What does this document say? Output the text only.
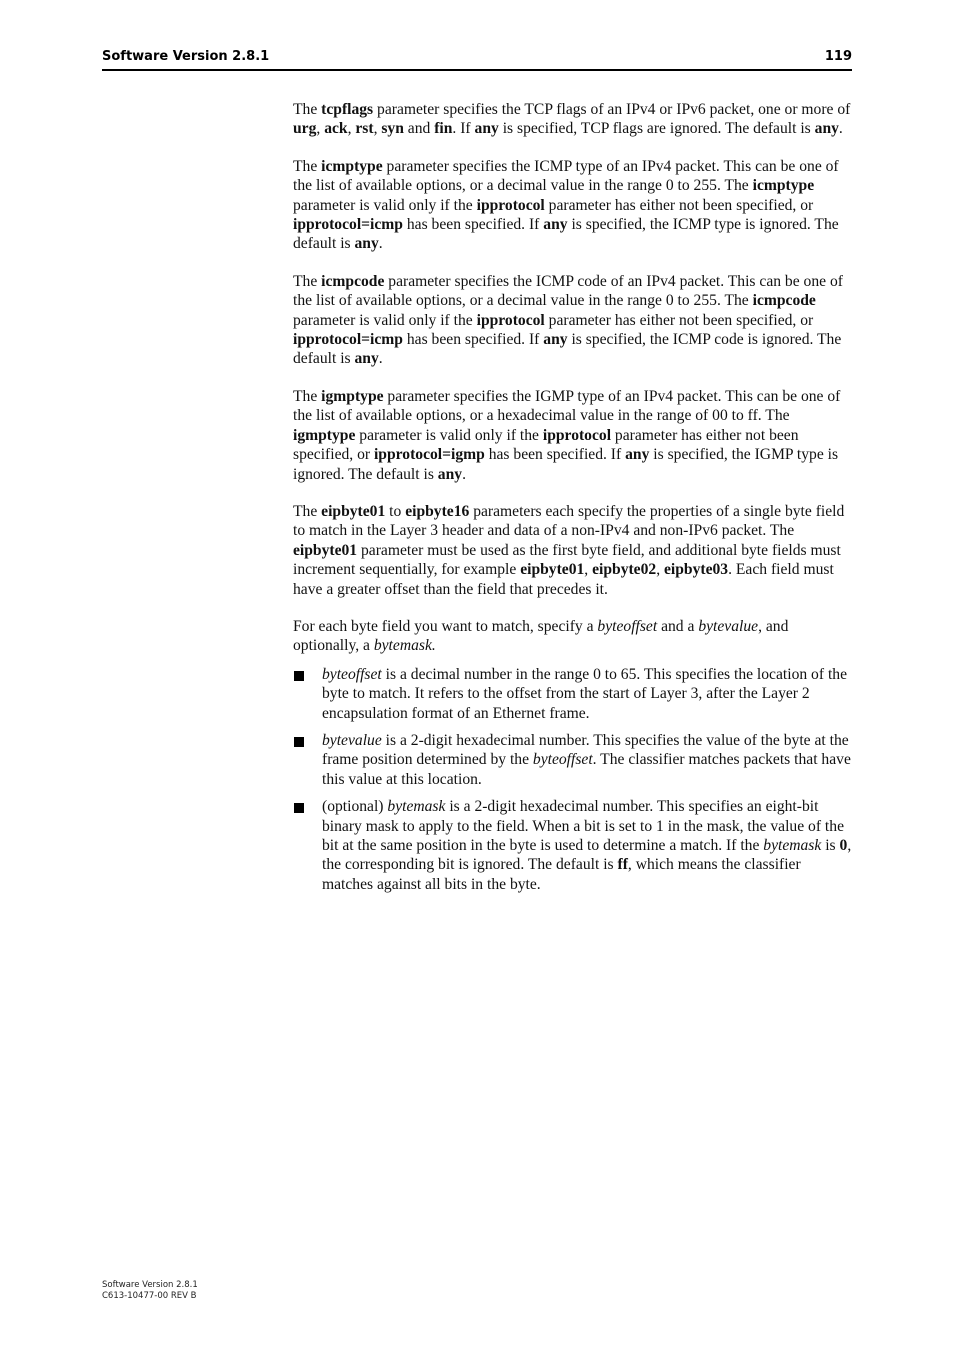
Software Version 2.8.1	119

The tcpflags parameter specifies the TCP flags of an IPv4 or IPv6 packet, one or more of urg, ack, rst, syn and fin. If any is specified, TCP flags are ignored. The default is any.

The icmptype parameter specifies the ICMP type of an IPv4 packet. This can be one of the list of available options, or a decimal value in the range 0 to 255. The icmptype parameter is valid only if the ipprotocol parameter has either not been specified, or ipprotocol=icmp has been specified. If any is specified, the ICMP type is ignored. The default is any.

The icmpcode parameter specifies the ICMP code of an IPv4 packet. This can be one of the list of available options, or a decimal value in the range 0 to 255. The icmpcode parameter is valid only if the ipprotocol parameter has either not been specified, or ipprotocol=icmp has been specified. If any is specified, the ICMP code is ignored. The default is any.

The igmptype parameter specifies the IGMP type of an IPv4 packet. This can be one of the list of available options, or a hexadecimal value in the range of 00 to ff. The igmptype parameter is valid only if the ipprotocol parameter has either not been specified, or ipprotocol=igmp has been specified. If any is specified, the IGMP type is ignored. The default is any.

The eipbyte01 to eipbyte16 parameters each specify the properties of a single byte field to match in the Layer 3 header and data of a non-IPv4 and non-IPv6 packet. The eipbyte01 parameter must be used as the first byte field, and additional byte fields must increment sequentially, for example eipbyte01, eipbyte02, eipbyte03. Each field must have a greater offset than the field that precedes it.

For each byte field you want to match, specify a byteoffset and a bytevalue, and optionally, a bytemask.

byteoffset is a decimal number in the range 0 to 65. This specifies the location of the byte to match. It refers to the offset from the start of Layer 3, after the Layer 2 encapsulation format of an Ethernet frame.
bytevalue is a 2-digit hexadecimal number. This specifies the value of the byte at the frame position determined by the byteoffset. The classifier matches packets that have this value at this location.
(optional) bytemask is a 2-digit hexadecimal number. This specifies an eight-bit binary mask to apply to the field. When a bit is set to 1 in the mask, the value of the bit at the same position in the byte is used to determine a match. If the bytemask is 0, the corresponding bit is ignored. The default is ff, which means the classifier matches against all bits in the byte.
Software Version 2.8.1
C613-10477-00 REV B
